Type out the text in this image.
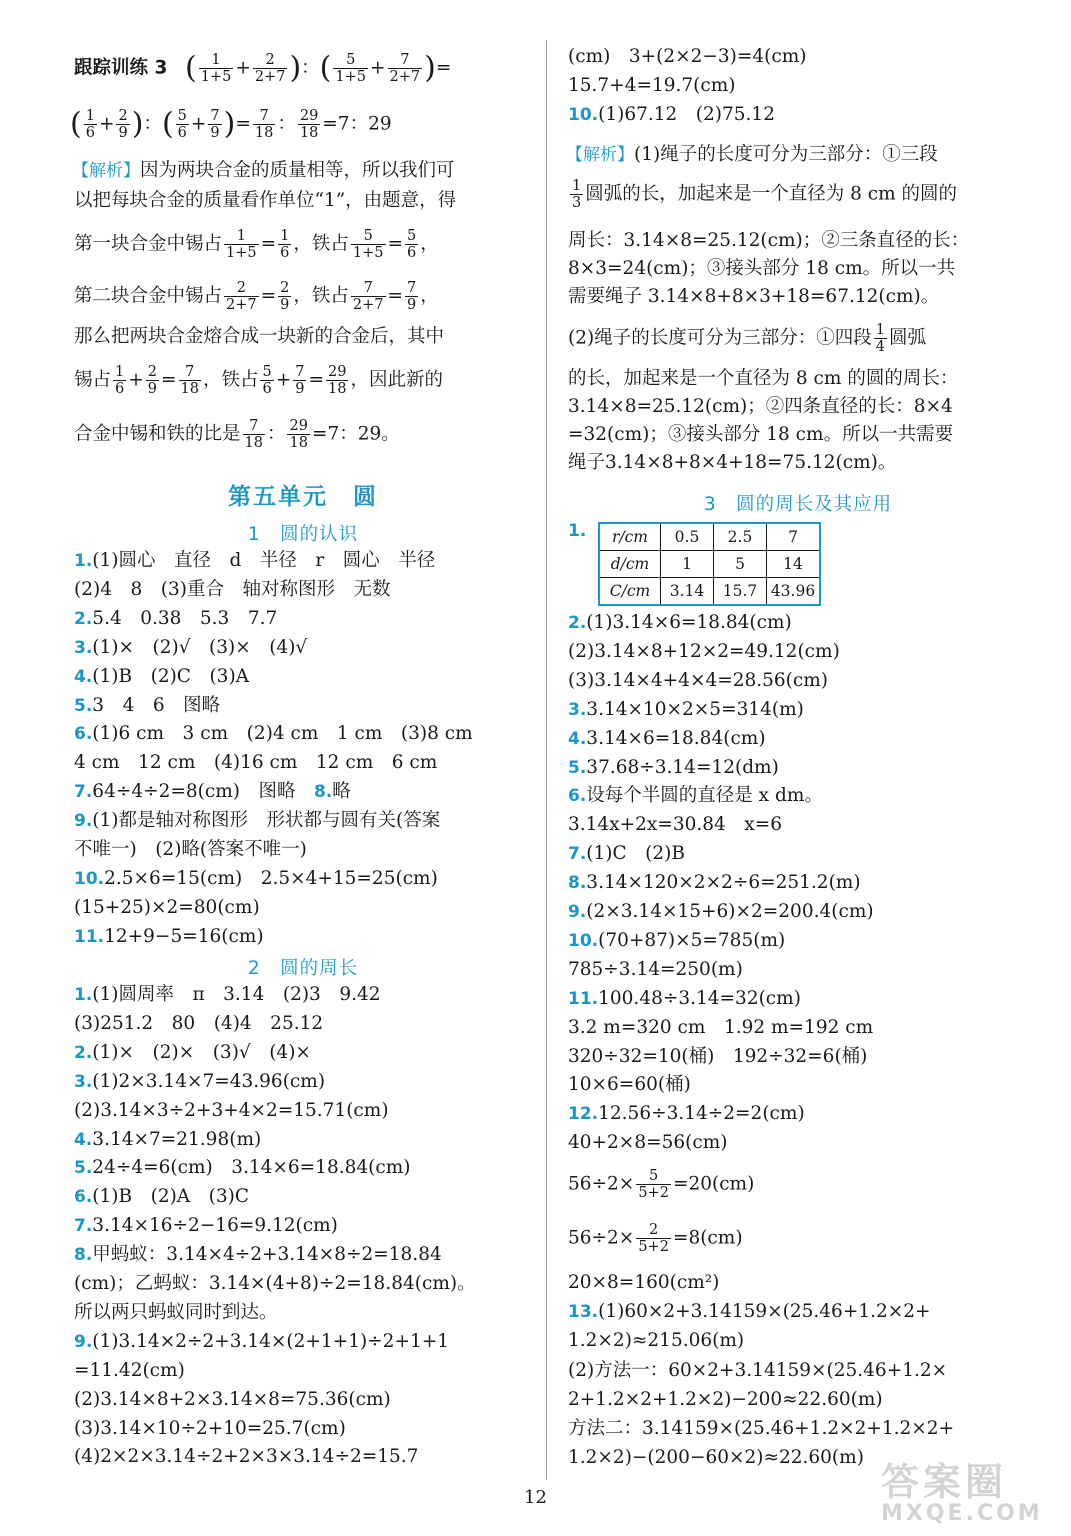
跟踪训练 3 ( $\frac{1}{1+5} + \frac{2}{2+7}$ )：( $\frac{5}{1+5} + \frac{7}{2+7}$ )=
( $\frac{1}{6} + \frac{2}{9}$ )：( $\frac{5}{6} + \frac{7}{9}$ )= $\frac{7}{18}$ ： $\frac{29}{18} =7$：29
【解析】因为两块合金的质量相等，所以我们可
以把每块合金的质量看作单位“1”，由题意，得
第一块合金中锡占 $\frac{1}{1+5} = \frac{1}{6}$ ，铁占 $\frac{5}{1+5} = \frac{5}{6}$ ，
第二块合金中锡占 $\frac{2}{2+7} = \frac{2}{9}$ ，铁占 $\frac{7}{2+7} = \frac{7}{9}$ ，
那么把两块合金熔合成一块新的合金后，其中
锡占 $\frac{1}{6} + \frac{2}{9} = \frac{7}{18}$ ，铁占 $\frac{5}{6} + \frac{7}{9} = \frac{29}{18}$ ，因此新的
合金中锡和铁的比是 $\frac{7}{18}$ ： $\frac{29}{18} =7$：29。
第五单元　圆
1　圆的认识
1.(1)圆心　直径　d　半径　r　圆心　半径
(2)4　8　(3)重合　轴对称图形　无数
2.5.4　0.38　5.3　7.7
3.(1)×　(2)√　(3)×　(4)√
4.(1)B　(2)C　(3)A
5.3　4　6　图略
6.(1)6 cm　3 cm　(2)4 cm　1 cm　(3)8 cm
4 cm　12 cm　(4)16 cm　12 cm　6 cm
7.64÷4÷2=8(cm)　图略　8.略
9.(1)都是轴对称图形　形状都与圆有关(答案
不唯一)　(2)略(答案不唯一)
10.2.5×6=15(cm)　2.5×4+15=25(cm)
(15+25)×2=80(cm)
11.12+9−5=16(cm)
2　圆的周长
1.(1)圆周率　π　3.14　(2)3　9.42
(3)251.2　80　(4)4　25.12
2.(1)×　(2)×　(3)√　(4)×
3.(1)2×3.14×7=43.96(cm)
(2)3.14×3÷2+3+4×2=15.71(cm)
4.3.14×7=21.98(m)
5.24÷4=6(cm)　3.14×6=18.84(cm)
6.(1)B　(2)A　(3)C
7.3.14×16÷2−16=9.12(cm)
8.甲蚂蚁：3.14×4÷2+3.14×8÷2=18.84
(cm)；乙蚂蚁：3.14×(4+8)÷2=18.84(cm)。
所以两只蚂蚁同时到达。
9.(1)3.14×2÷2+3.14×(2+1+1)÷2+1+1
=11.42(cm)
(2)3.14×8+2×3.14×8=75.36(cm)
(3)3.14×10÷2+10=25.7(cm)
(4)2×2×3.14÷2+2×3×3.14÷2=15.7
(cm)　3+(2×2−3)=4(cm)
15.7+4=19.7(cm)
10.(1)67.12　(2)75.12
【解析】(1)绳子的长度可分为三部分：①三段
$\frac{1}{3}$ 圆弧的长，加起来是一个直径为 8 cm 的圆的
周长：3.14×8=25.12(cm)；②三条直径的长：
8×3=24(cm)；③接头部分 18 cm。所以一共
需要绳子 3.14×8+8×3+18=67.12(cm)。
(2)绳子的长度可分为三部分：①四段 $\frac{1}{4}$ 圆弧
的长，加起来是一个直径为 8 cm 的圆的周长：
3.14×8=25.12(cm)；②四条直径的长：8×4
=32(cm)；③接头部分 18 cm。所以一共需要
绳子3.14×8+8×4+18=75.12(cm)。
3　圆的周长及其应用
1. r/cm	0.5	2.5	7
d/cm	1	5	14
C/cm	3.14	15.7	43.96
2.(1)3.14×6=18.84(cm)
(2)3.14×8+12×2=49.12(cm)
(3)3.14×4+4×4=28.56(cm)
3.3.14×10×2×5=314(m)
4.3.14×6=18.84(cm)
5.37.68÷3.14=12(dm)
6.设每个半圆的直径是 x dm。
3.14x+2x=30.84　x=6
7.(1)C　(2)B
8.3.14×120×2×2÷6=251.2(m)
9.(2×3.14×15+6)×2=200.4(cm)
10.(70+87)×5=785(m)
785÷3.14=250(m)
11.100.48÷3.14=32(cm)
3.2 m=320 cm　1.92 m=192 cm
320÷32=10(桶)　192÷32=6(桶)
10×6=60(桶)
12.12.56÷3.14÷2=2(cm)
40+2×8=56(cm)
$56\div 2\times \frac{5}{5+2} =20(cm)$
$56\div 2\times \frac{2}{5+2} =8(cm)$
20×8=160(cm²)
13.(1)60×2+3.14159×(25.46+1.2×2+
1.2×2)≈215.06(m)
(2)方法一：60×2+3.14159×(25.46+1.2×
2+1.2×2+1.2×2)−200≈22.60(m)
方法二：3.14159×(25.46+1.2×2+1.2×2+
1.2×2)−(200−60×2)≈22.60(m)
12	答案圈
MXQE.COM
